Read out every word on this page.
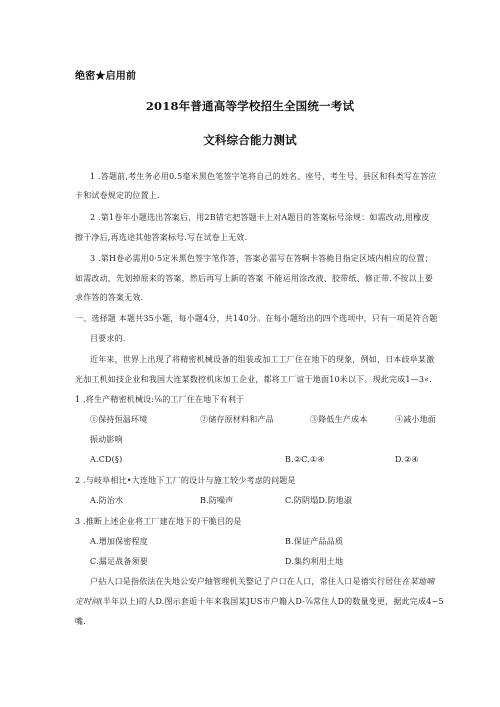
绝密★启用前
2018年普通高等学校招生全国统一考试
文科综合能力测试
1 .答题前,考生务必用0.5毫米黑色笔签字笔将自己的姓名、座号、考生号、县区和科类写在答应
卡和试卷规定的位置上.
2 .第1卷年小题选出答案后，用2B错宅把答题卡上对A题目的答案标号涂规：如需改动,用橡皮
擦干净后,再选途其他答案标号.写在试卷上无效.
3 .第H卷必需用0·5定米黑色签字笔作答，答案必需写在答啊卡答桅目指定区域内相应的位置；
如需改动，先划掉原来的答案，然后再写上新的答案 不能运用涂改液、胶带纸、修正带.不按以上要
求作答的答案无效.
一、选择题 本题共35小题，每小题4分，共140分。在每小题给出的四个选项中，只有一项是符合题
目要求的.
近年来，世界上出现了将精密机械设备的组装或加工工厂住在地下的现象，例如，日本歧阜某激
光加工机如技企业和我国大连某数控机床加工企业，都将工厂谊于地面10米以下。现此完成1—3«.
1 .将生产精密机械设:⅛的工厂住在地下有利于
①保持恒温环境	②储存原材料和产品	③降低生产成本	④减小地面
振动影响
A.CD(§)	B.②C.①④	D.②④
2 .与岐阜相比•大连地下工厂的设计与施工较少考虑的问题是
A.防治水	B.防噪声	C.防阴塌D.防地淑
3 .推断上述企业将工厂建在地下的干脆目的是
A.增加保密程度	B.保证产品品质
C.漏足战备须要	D.集约利用土地
户拈人口是指依法在失地公安户轴管理机关整记了户口在人口，常住人口是禧实行居住在某地喃
定时间(半年以上)的人D.图示套逅十年来我国某JUS市户籍入D-⅞常住人D的数量变更，据此完成4~5
嘴.
